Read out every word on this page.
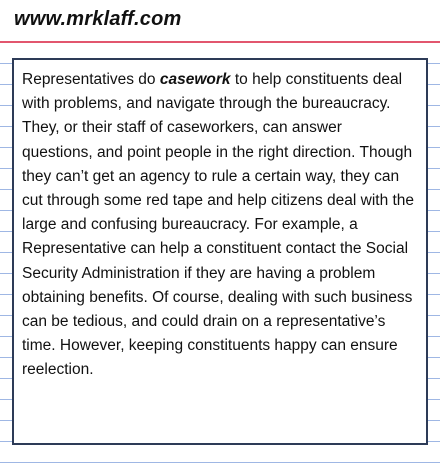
www.mrklaff.com

Representatives do casework to help constituents deal with problems, and navigate through the bureaucracy. They, or their staff of caseworkers, can answer questions, and point people in the right direction. Though they can’t get an agency to rule a certain way, they can cut through some red tape and help citizens deal with the large and confusing bureaucracy. For example, a Representative can help a constituent contact the Social Security Administration if they are having a problem obtaining benefits. Of course, dealing with such business can be tedious, and could drain on a representative’s time. However, keeping constituents happy can ensure reelection.
